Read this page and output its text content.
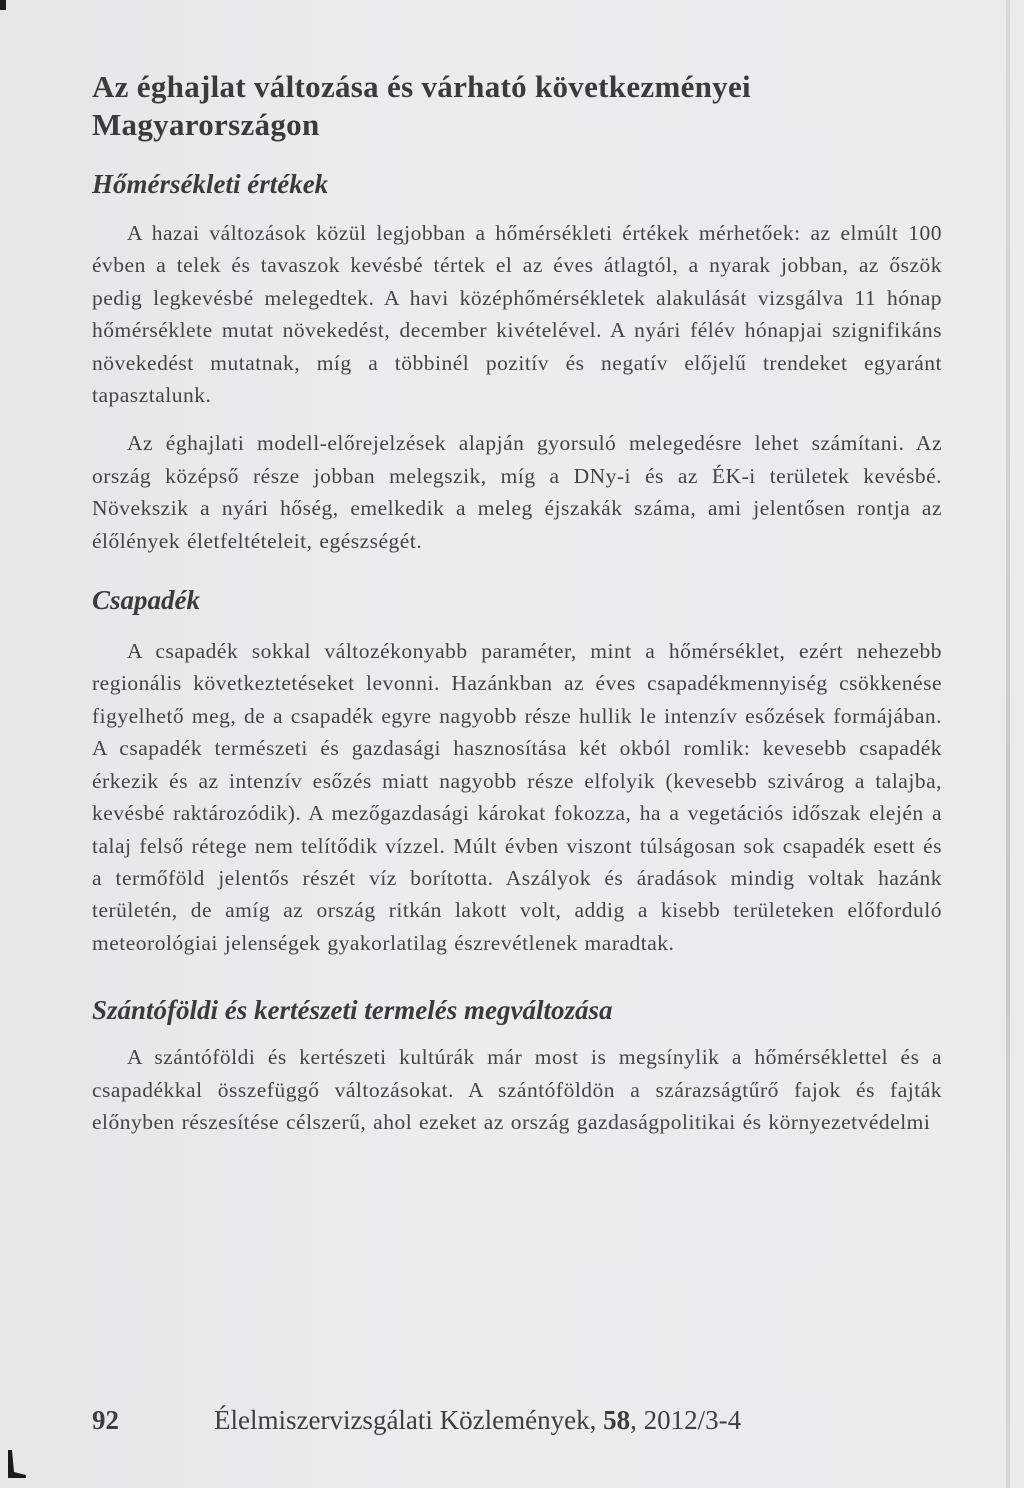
Az éghajlat változása és várható következményei Magyarországon
Hőmérsékleti értékek

A hazai változások közül legjobban a hőmérsékleti értékek mérhetőek: az elmúlt 100 évben a telek és tavaszok kevésbé tértek el az éves átlagtól, a nyarak jobban, az őszök pedig legkevésbé melegedtek. A havi középhőmérsékletek alakulását vizsgálva 11 hónap hőmérséklete mutat növekedést, december kivételével. A nyári félév hónapjai szignifikáns növekedést mutatnak, míg a többinél pozitív és negatív előjelű trendeket egyaránt tapasztalunk.

Az éghajlati modell-előrejelzések alapján gyorsuló melegedésre lehet számítani. Az ország középső része jobban melegszik, míg a DNy-i és az ÉK-i területek kevésbé. Növekszik a nyári hőség, emelkedik a meleg éjszakák száma, ami jelentősen rontja az élőlények életfeltételeit, egészségét.

Csapadék

A csapadék sokkal változékonyabb paraméter, mint a hőmérséklet, ezért nehezebb regionális következtetéseket levonni. Hazánkban az éves csapadékmennyiség csökkenése figyelhető meg, de a csapadék egyre nagyobb része hullik le intenzív esőzések formájában. A csapadék természeti és gazdasági hasznosítása két okból romlik: kevesebb csapadék érkezik és az intenzív esőzés miatt nagyobb része elfolyik (kevesebb szivárog a talajba, kevésbé raktározódik). A mezőgazdasági károkat fokozza, ha a vegetációs időszak elején a talaj felső rétege nem telítődik vízzel. Múlt évben viszont túlságosan sok csapadék esett és a termőföld jelentős részét víz borította. Aszályok és áradások mindig voltak hazánk területén, de amíg az ország ritkán lakott volt, addig a kisebb területeken előforduló meteorológiai jelenségek gyakorlatilag észrevétlenek maradtak.

Szántóföldi és kertészeti termelés megváltozása

A szántóföldi és kertészeti kultúrák már most is megsínylik a hőmérséklettel és a csapadékkal összefüggő változásokat. A szántóföldön a szárazságtűrő fajok és fajták előnyben részesítése célszerű, ahol ezeket az ország gazdaságpolitikai és környezetvédelmi

92	Élelmiszervizsgálati Közlemények, 58, 2012/3-4
